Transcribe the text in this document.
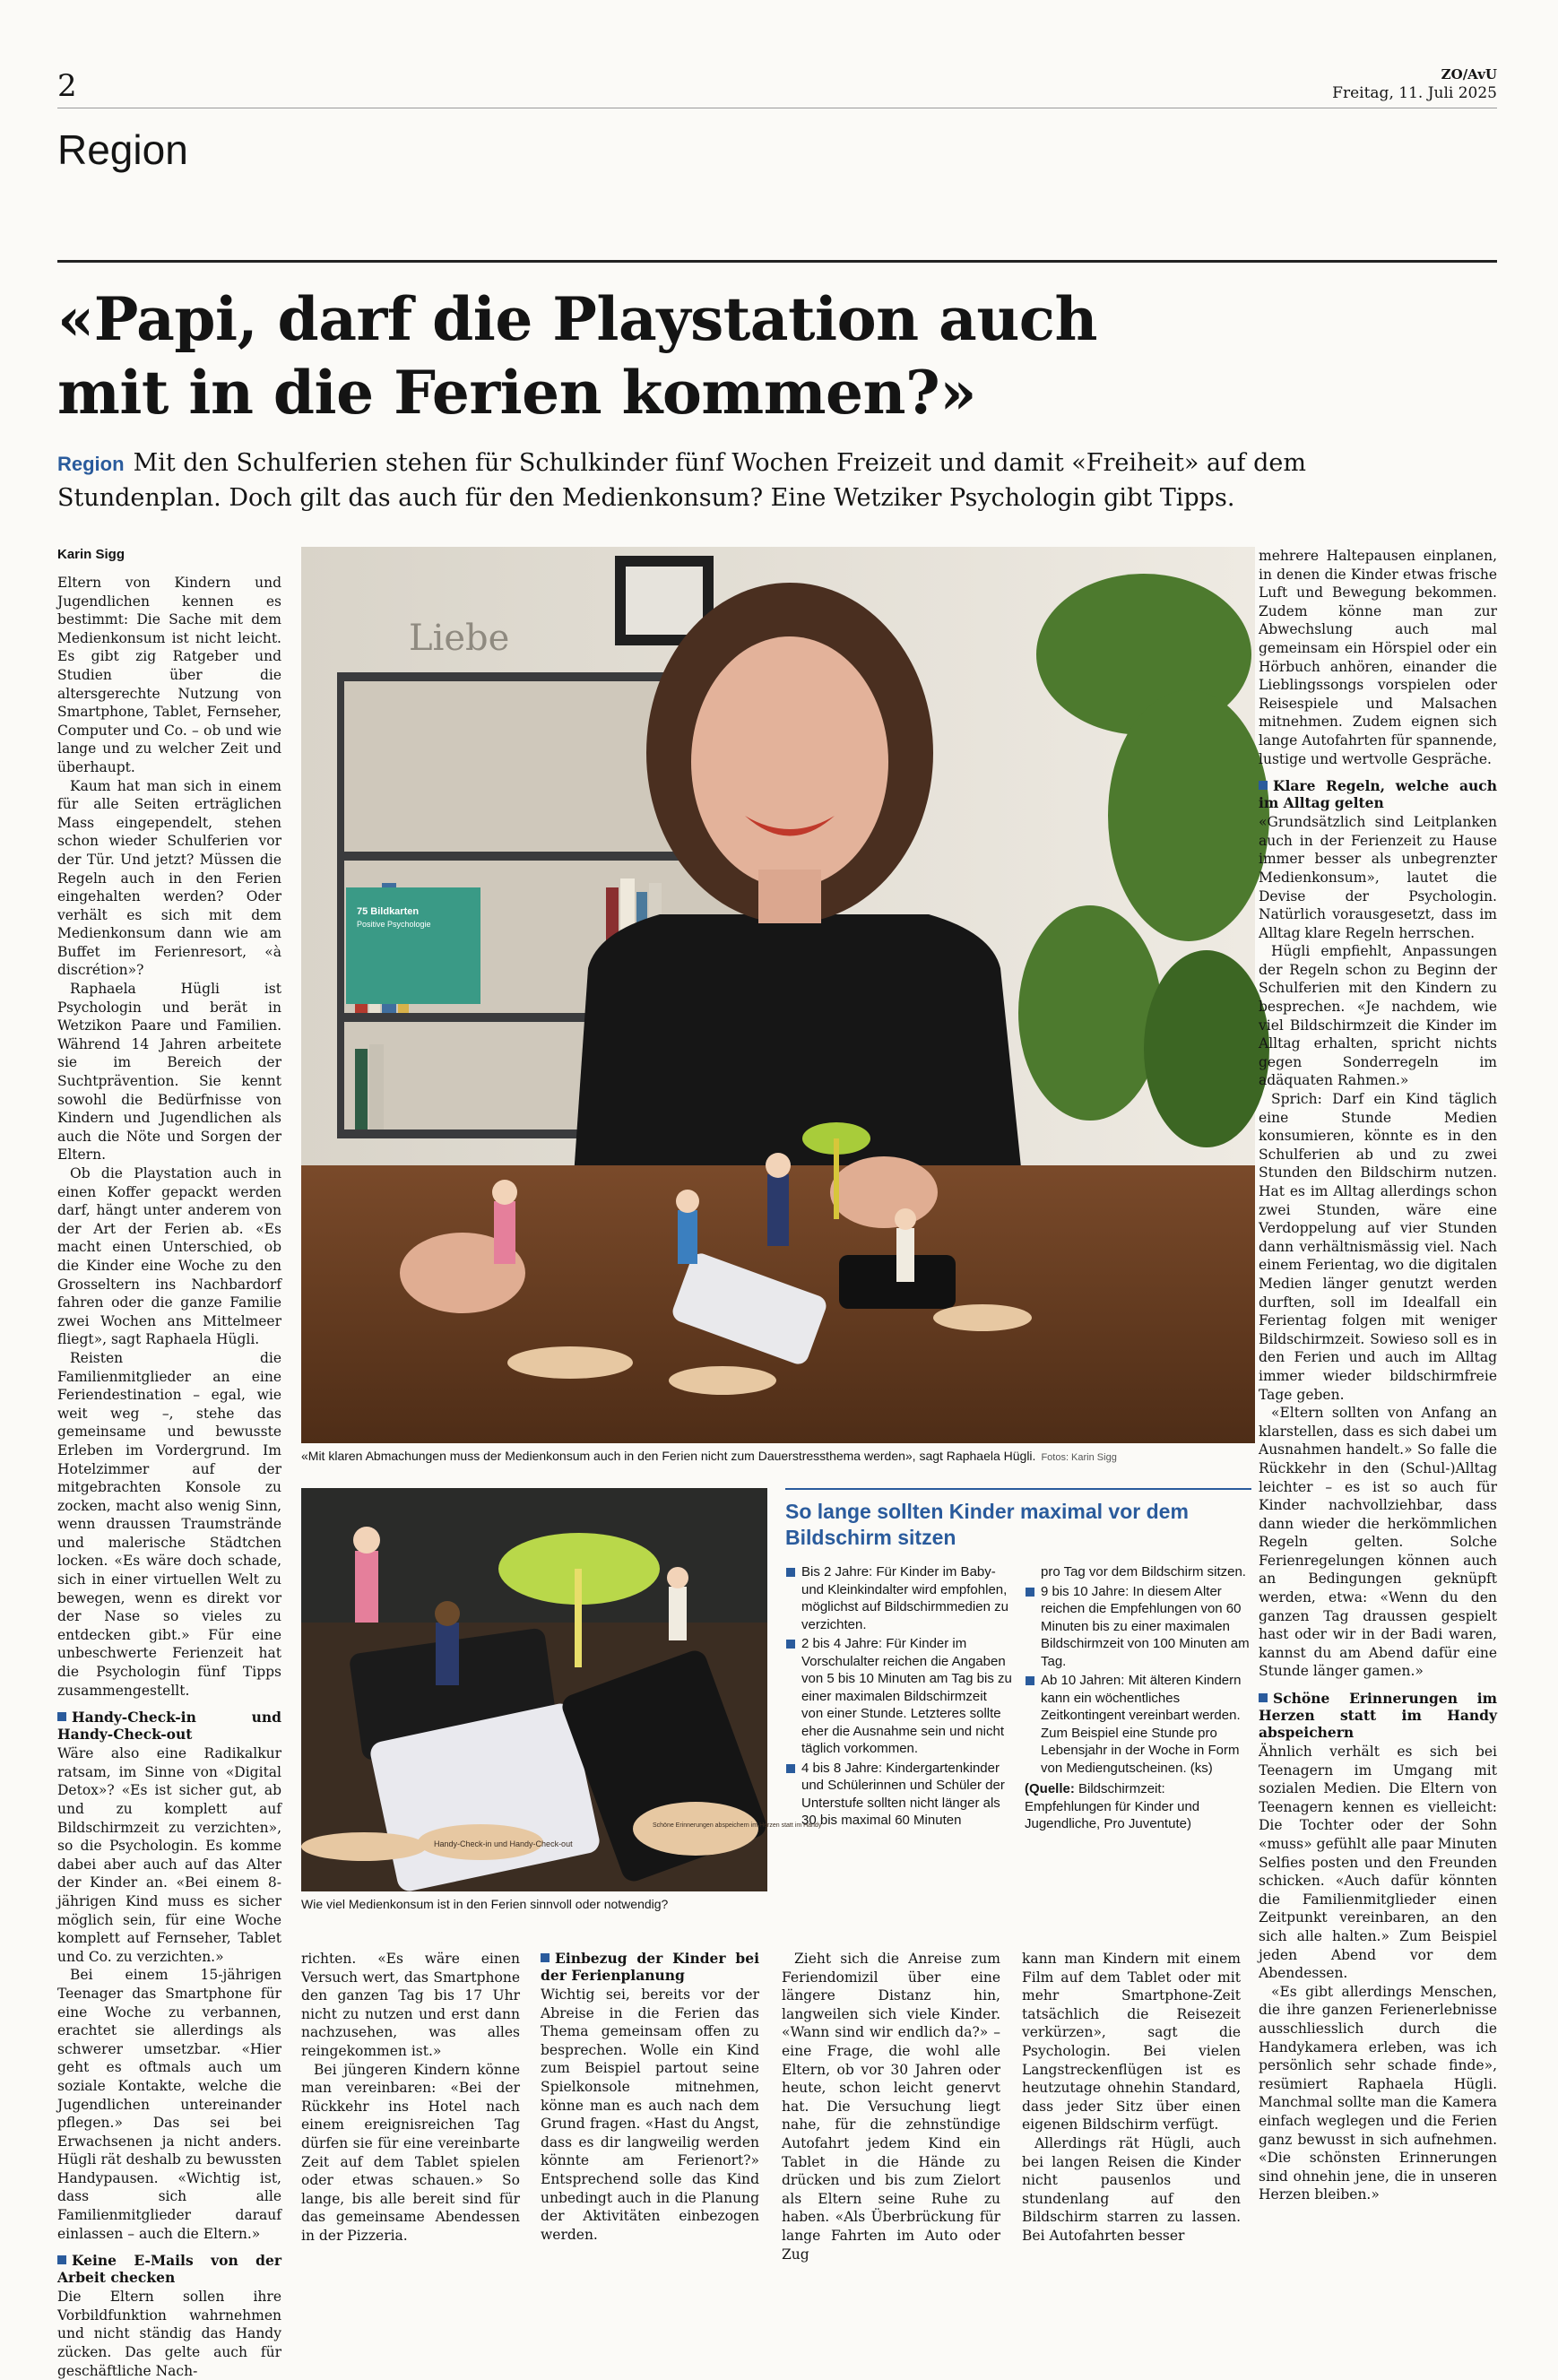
2	ZO/AvU
Freitag, 11. Juli 2025
Region
«Papi, darf die Playstation auch mit in die Ferien kommen?»
Region Mit den Schulferien stehen für Schulkinder fünf Wochen Freizeit und damit «Freiheit» auf dem Stundenplan. Doch gilt das auch für den Medienkonsum? Eine Wetziker Psychologin gibt Tipps.
Karin Sigg

Eltern von Kindern und Jugendlichen kennen es bestimmt: Die Sache mit dem Medienkonsum ist nicht leicht. Es gibt zig Ratgeber und Studien über die altersgerechte Nutzung von Smartphone, Tablet, Fernseher, Computer und Co. – ob und wie lange und zu welcher Zeit und überhaupt.

Kaum hat man sich in einem für alle Seiten erträglichen Mass eingependelt, stehen schon wieder Schulferien vor der Tür. Und jetzt? Müssen die Regeln auch in den Ferien eingehalten werden? Oder verhält es sich mit dem Medienkonsum dann wie am Buffet im Ferienresort, «à discrétion»?

Raphaela Hügli ist Psychologin und berät in Wetzikon Paare und Familien. Während 14 Jahren arbeitete sie im Bereich der Suchtprävention. Sie kennt sowohl die Bedürfnisse von Kindern und Jugendlichen als auch die Nöte und Sorgen der Eltern.

Ob die Playstation auch in einen Koffer gepackt werden darf, hängt unter anderem von der Art der Ferien ab. «Es macht einen Unterschied, ob die Kinder eine Woche zu den Grosseltern ins Nachbardorf fahren oder die ganze Familie zwei Wochen ans Mittelmeer fliegt», sagt Raphaela Hügli.

Reisten die Familienmitglieder an eine Feriendestination – egal, wie weit weg –, stehe das gemeinsame und bewusste Erleben im Vordergrund. Im Hotelzimmer auf der mitgebrachten Konsole zu zocken, macht also wenig Sinn, wenn draussen Traumstrände und malerische Städtchen locken. «Es wäre doch schade, sich in einer virtuellen Welt zu bewegen, wenn es direkt vor der Nase so vieles zu entdecken gibt.» Für eine unbeschwerte Ferienzeit hat die Psychologin fünf Tipps zusammengestellt.

Handy-Check-in und Handy-Check-out

Wäre also eine Radikalkur ratsam, im Sinne von «Digital Detox»? «Es ist sicher gut, ab und zu komplett auf Bildschirmzeit zu verzichten», so die Psychologin. Es komme dabei aber auch auf das Alter der Kinder an. «Bei einem 8-jährigen Kind muss es sicher möglich sein, für eine Woche komplett auf Fernseher, Tablet und Co. zu verzichten.»

Bei einem 15-jährigen Teenager das Smartphone für eine Woche zu verbannen, erachtet sie allerdings als schwerer umsetzbar. «Hier geht es oftmals auch um soziale Kontakte, welche die Jugendlichen untereinander pflegen.» Das sei bei Erwachsenen ja nicht anders. Hügli rät deshalb zu bewussten Handypausen. «Wichtig ist, dass sich alle Familienmitglieder darauf einlassen – auch die Eltern.»

Keine E-Mails von der Arbeit checken

Die Eltern sollen ihre Vorbildfunktion wahrnehmen und nicht ständig das Handy zücken. Das gelte auch für geschäftliche Nach-

75 Bildkarten
Positive Psychologie
Liebe
«Mit klaren Abmachungen muss der Medienkonsum auch in den Ferien nicht zum Dauerstressthema werden», sagt Raphaela Hügli. Fotos: Karin Sigg
Handy-Check-in und Handy-Check-out
Schöne Erinnerungen abspeichern im Herzen statt im Handy
Wie viel Medienkonsum ist in den Ferien sinnvoll oder notwendig?
So lange sollten Kinder maximal vor dem Bildschirm sitzen
Bis 2 Jahre: Für Kinder im Baby- und Kleinkindalter wird empfohlen, möglichst auf Bildschirmmedien zu verzichten.
2 bis 4 Jahre: Für Kinder im Vorschulalter reichen die Angaben von 5 bis 10 Minuten am Tag bis zu einer maximalen Bildschirmzeit von einer Stunde. Letzteres sollte eher die Ausnahme sein und nicht täglich vorkommen.
4 bis 8 Jahre: Kindergartenkinder und Schülerinnen und Schüler der Unterstufe sollten nicht länger als 30 bis maximal 60 Minuten
pro Tag vor dem Bildschirm sitzen.
9 bis 10 Jahre: In diesem Alter reichen die Empfehlungen von 60 Minuten bis zu einer maximalen Bildschirmzeit von 100 Minuten am Tag.
Ab 10 Jahren: Mit älteren Kindern kann ein wöchentliches Zeitkontingent vereinbart werden. Zum Beispiel eine Stunde pro Lebensjahr in der Woche in Form von Mediengutscheinen. (ks)
(Quelle: Bildschirmzeit: Empfehlungen für Kinder und Jugendliche, Pro Juventute)

richten. «Es wäre einen Versuch wert, das Smartphone den ganzen Tag bis 17 Uhr nicht zu nutzen und erst dann nachzusehen, was alles reingekommen ist.»

Bei jüngeren Kindern könne man vereinbaren: «Bei der Rückkehr ins Hotel nach einem ereignisreichen Tag dürfen sie für eine vereinbarte Zeit auf dem Tablet spielen oder etwas schauen.» So lange, bis alle bereit sind für das gemeinsame Abendessen in der Pizzeria.

Einbezug der Kinder bei der Ferienplanung

Wichtig sei, bereits vor der Abreise in die Ferien das Thema gemeinsam offen zu besprechen. Wolle ein Kind zum Beispiel partout seine Spielkonsole mitnehmen, könne man es auch nach dem Grund fragen. «Hast du Angst, dass es dir langweilig werden könnte am Ferienort?» Entsprechend solle das Kind unbedingt auch in die Planung der Aktivitäten einbezogen werden.

Zieht sich die Anreise zum Feriendomizil über eine längere Distanz hin, langweilen sich viele Kinder. «Wann sind wir endlich da?» – eine Frage, die wohl alle Eltern, ob vor 30 Jahren oder heute, schon leicht genervt hat. Die Versuchung liegt nahe, für die zehnstündige Autofahrt jedem Kind ein Tablet in die Hände zu drücken und bis zum Zielort als Eltern seine Ruhe zu haben. «Als Überbrückung für lange Fahrten im Auto oder Zug

kann man Kindern mit einem Film auf dem Tablet oder mit mehr Smartphone-Zeit tatsächlich die Reisezeit verkürzen», sagt die Psychologin. Bei vielen Langstreckenflügen ist es heutzutage ohnehin Standard, dass jeder Sitz über einen eigenen Bildschirm verfügt.

Allerdings rät Hügli, auch bei langen Reisen die Kinder nicht pausenlos und stundenlang auf den Bildschirm starren zu lassen. Bei Autofahrten besser

mehrere Haltepausen einplanen, in denen die Kinder etwas frische Luft und Bewegung bekommen. Zudem könne man zur Abwechslung auch mal gemeinsam ein Hörspiel oder ein Hörbuch anhören, einander die Lieblingssongs vorspielen oder Reisespiele und Malsachen mitnehmen. Zudem eignen sich lange Autofahrten für spannende, lustige und wertvolle Gespräche.

Klare Regeln, welche auch im Alltag gelten

«Grundsätzlich sind Leitplanken auch in der Ferienzeit zu Hause immer besser als unbegrenzter Medienkonsum», lautet die Devise der Psychologin. Natürlich vorausgesetzt, dass im Alltag klare Regeln herrschen.

Hügli empfiehlt, Anpassungen der Regeln schon zu Beginn der Schulferien mit den Kindern zu besprechen. «Je nachdem, wie viel Bildschirmzeit die Kinder im Alltag erhalten, spricht nichts gegen Sonderregeln im adäquaten Rahmen.»

Sprich: Darf ein Kind täglich eine Stunde Medien konsumieren, könnte es in den Schulferien ab und zu zwei Stunden den Bildschirm nutzen. Hat es im Alltag allerdings schon zwei Stunden, wäre eine Verdoppelung auf vier Stunden dann verhältnismässig viel. Nach einem Ferientag, wo die digitalen Medien länger genutzt werden durften, soll im Idealfall ein Ferientag folgen mit weniger Bildschirmzeit. Sowieso soll es in den Ferien und auch im Alltag immer wieder bildschirmfreie Tage geben.

«Eltern sollten von Anfang an klarstellen, dass es sich dabei um Ausnahmen handelt.» So falle die Rückkehr in den (Schul-)Alltag leichter – es ist so auch für Kinder nachvollziehbar, dass dann wieder die herkömmlichen Regeln gelten. Solche Ferienregelungen können auch an Bedingungen geknüpft werden, etwa: «Wenn du den ganzen Tag draussen gespielt hast oder wir in der Badi waren, kannst du am Abend dafür eine Stunde länger gamen.»

Schöne Erinnerungen im Herzen statt im Handy abspeichern

Ähnlich verhält es sich bei Teenagern im Umgang mit sozialen Medien. Die Eltern von Teenagern kennen es vielleicht: Die Tochter oder der Sohn «muss» gefühlt alle paar Minuten Selfies posten und den Freunden schicken. «Auch dafür könnten die Familienmitglieder einen Zeitpunkt vereinbaren, an den sich alle halten.» Zum Beispiel jeden Abend vor dem Abendessen.

«Es gibt allerdings Menschen, die ihre ganzen Ferienerlebnisse ausschliesslich durch die Handykamera erleben, was ich persönlich sehr schade finde», resümiert Raphaela Hügli. Manchmal sollte man die Kamera einfach weglegen und die Ferien ganz bewusst in sich aufnehmen. «Die schönsten Erinnerungen sind ohnehin jene, die in unseren Herzen bleiben.»
